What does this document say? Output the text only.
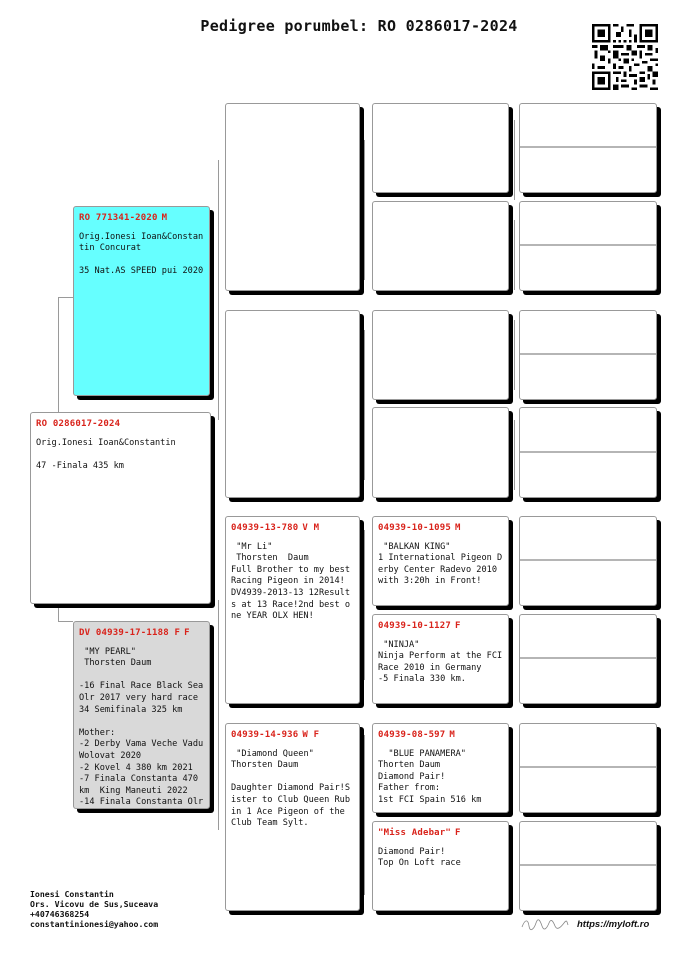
Pedigree porumbel: RO 0286017-2024
RO 0286017-2024
Orig.Ionesi Ioan&Constantin

47 -Finala 435 km
RO 771341-2020 M
Orig.Ionesi Ioan&Constantin Concurat

35 Nat.AS SPEED pui 2020
DV 04939-17-1188 F F
"MY PEARL"
Thorsten Daum

-16 Final Race Black Sea Olr 2017 very hard race
34 Semifinala 325 km

Mother:
-2 Derby Vama Veche Vadu Wolovat 2020
-2 Kovel 4 380 km 2021
-7 Finala Constanta 470 km  King Maneuti 2022
-14 Finala Constanta Olr
04939-13-780 V M
"Mr Li"
Thorsten  Daum
Full Brother to my best Racing Pigeon in 2014!
DV4939-2013-13 12Results at 13 Race!2nd best one YEAR OLX HEN!
04939-14-936 W F
"Diamond Queen"
Thorsten Daum

Daughter Diamond Pair!Sister to Club Queen Rubin 1 Ace Pigeon of the Club Team Sylt.
04939-10-1095 M
"BALKAN KING"
1 International Pigeon Derby Center Radevo 2010 with 3:20h in Front!
04939-10-1127 F
"NINJA"
Ninja Perform at the FCI Race 2010 in Germany
-5 Finala 330 km.
04939-08-597 M
"BLUE PANAMERA"
Thorten Daum
Diamond Pair!
Father from:
1st FCI Spain 516 km
"Miss Adebar" F
Diamond Pair!
Top On Loft race
Ionesi Constantin
Ors. Vicovu de Sus,Suceava
+40746368254
constantinionesi@yahoo.com	https://myloft.ro
